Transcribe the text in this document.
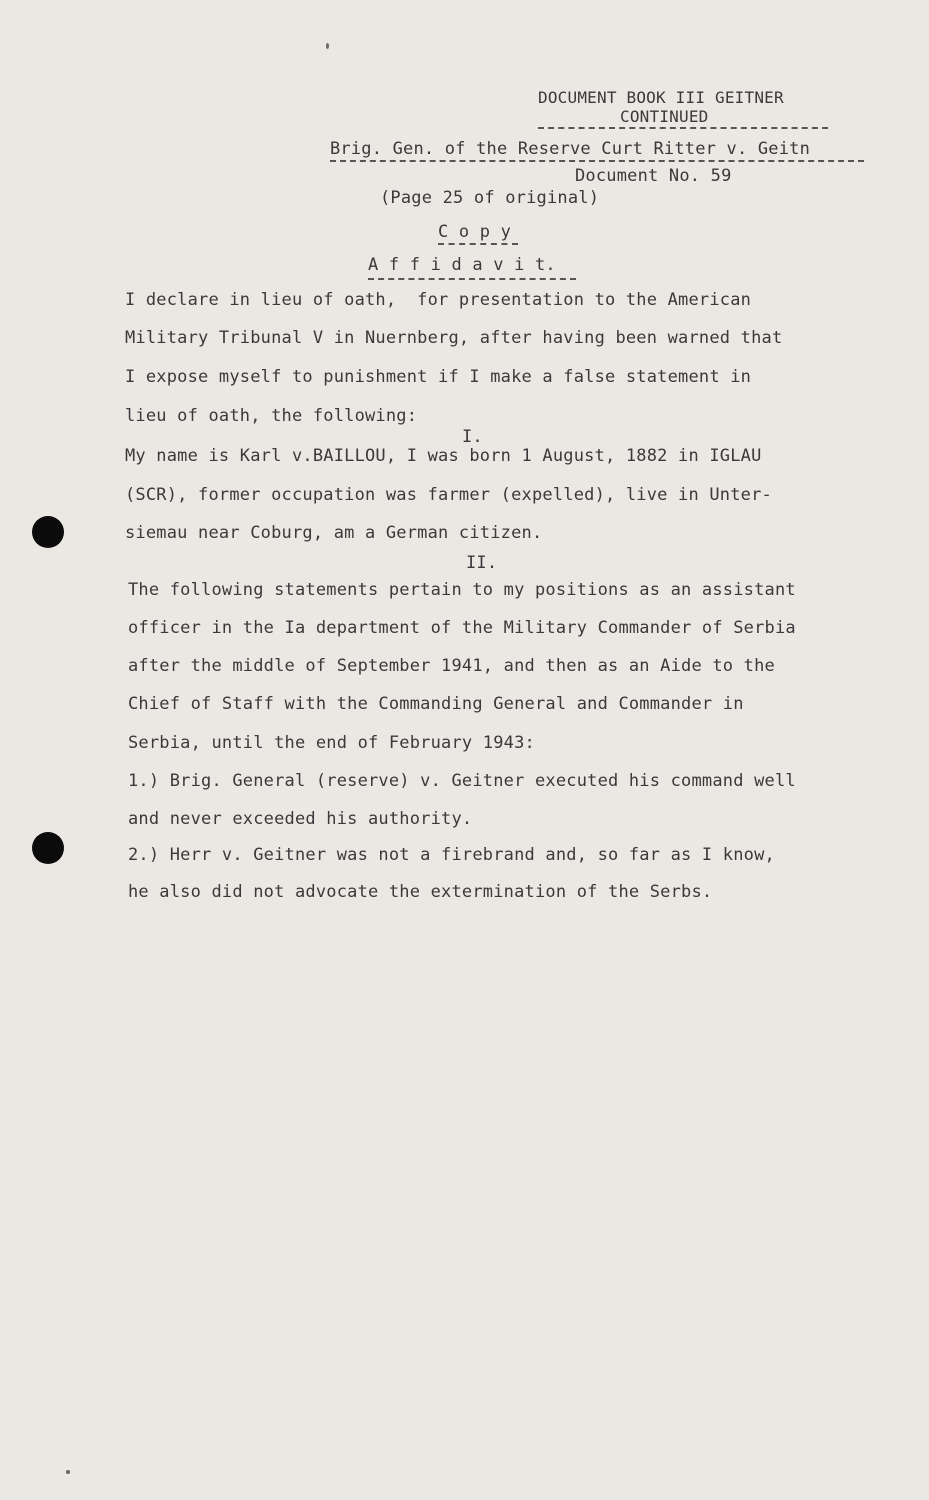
DOCUMENT BOOK III GEITNER
CONTINUED
Brig. Gen. of the Reserve Curt Ritter v. Geitn
Document No. 59
(Page 25 of original)
C o p y
A f f i d a v i t.
I declare in lieu of oath,  for presentation to the American
Military Tribunal V in Nuernberg, after having been warned that
I expose myself to punishment if I make a false statement in
lieu of oath, the following:
I.
My name is Karl v.BAILLOU, I was born 1 August, 1882 in IGLAU
(SCR), former occupation was farmer (expelled), live in Unter-
siemau near Coburg, am a German citizen.
II.
The following statements pertain to my positions as an assistant
officer in the Ia department of the Military Commander of Serbia
after the middle of September 1941, and then as an Aide to the
Chief of Staff with the Commanding General and Commander in
Serbia, until the end of February 1943:
1.) Brig. General (reserve) v. Geitner executed his command well
and never exceeded his authority.
2.) Herr v. Geitner was not a firebrand and, so far as I know,
he also did not advocate the extermination of the Serbs.
